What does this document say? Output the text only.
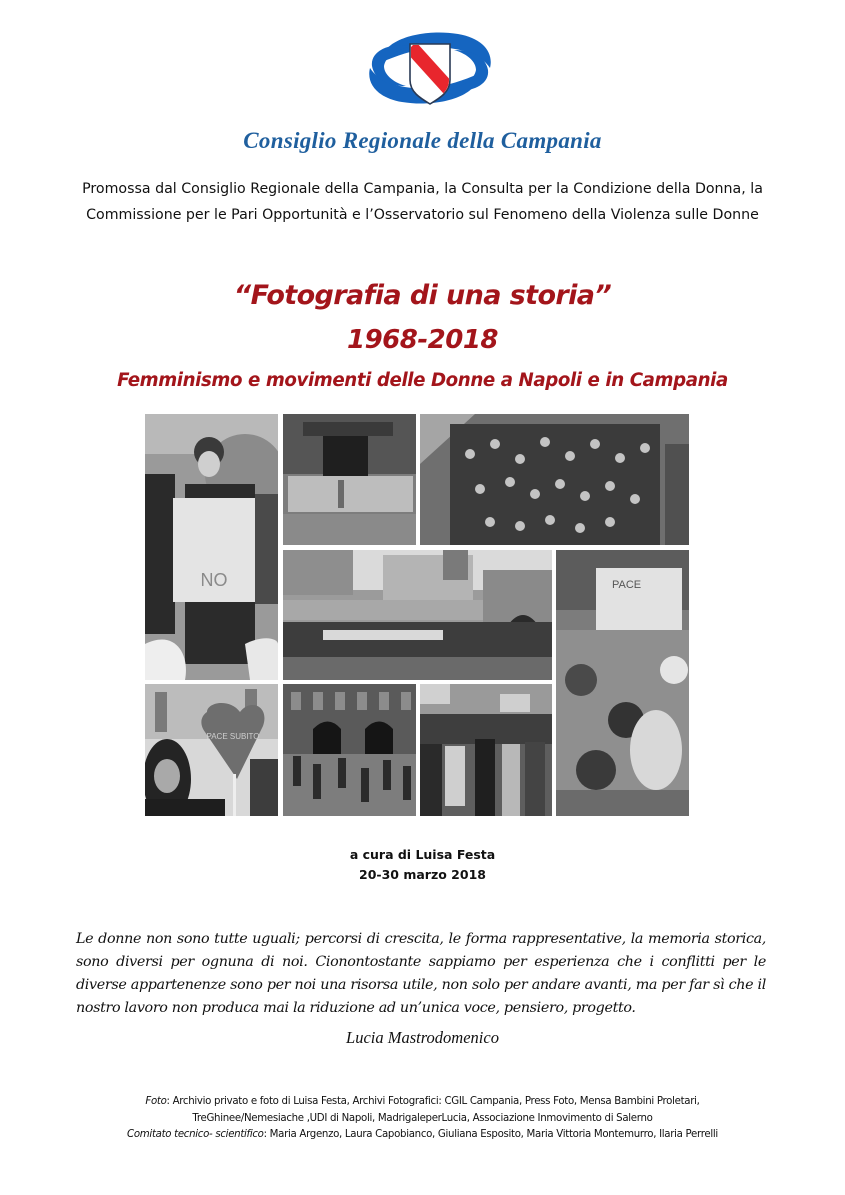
Consiglio Regionale della Campania
Promossa dal Consiglio Regionale della Campania, la Consulta per la Condizione della Donna, la
Commissione per le Pari Opportunità e l’Osservatorio sul Fenomeno della Violenza sulle Donne
“Fotografia di una storia”
1968-2018
Femminismo e movimenti delle Donne a Napoli e in Campania
NO	PACE
PACE SUBITO
a cura di Luisa Festa
20-30 marzo 2018
Le donne non sono tutte uguali; percorsi di crescita, le forma rappresentative, la memoria storica, sono diversi per ognuna di noi. Cionontostante sappiamo per esperienza che i conflitti per le diverse appartenenze sono per noi una risorsa utile, non solo per andare avanti, ma per far sì che il nostro lavoro non produca mai la riduzione ad un’unica voce, pensiero, progetto.
Lucia Mastrodomenico
Foto: Archivio privato e foto di Luisa Festa, Archivi Fotografici: CGIL Campania, Press Foto, Mensa Bambini Proletari,
TreGhinee/Nemesiache ,UDI di Napoli, MadrigaleperLucia, Associazione Inmovimento di Salerno
Comitato tecnico- scientifico: Maria Argenzo, Laura Capobianco, Giuliana Esposito, Maria Vittoria Montemurro, Ilaria Perrelli
